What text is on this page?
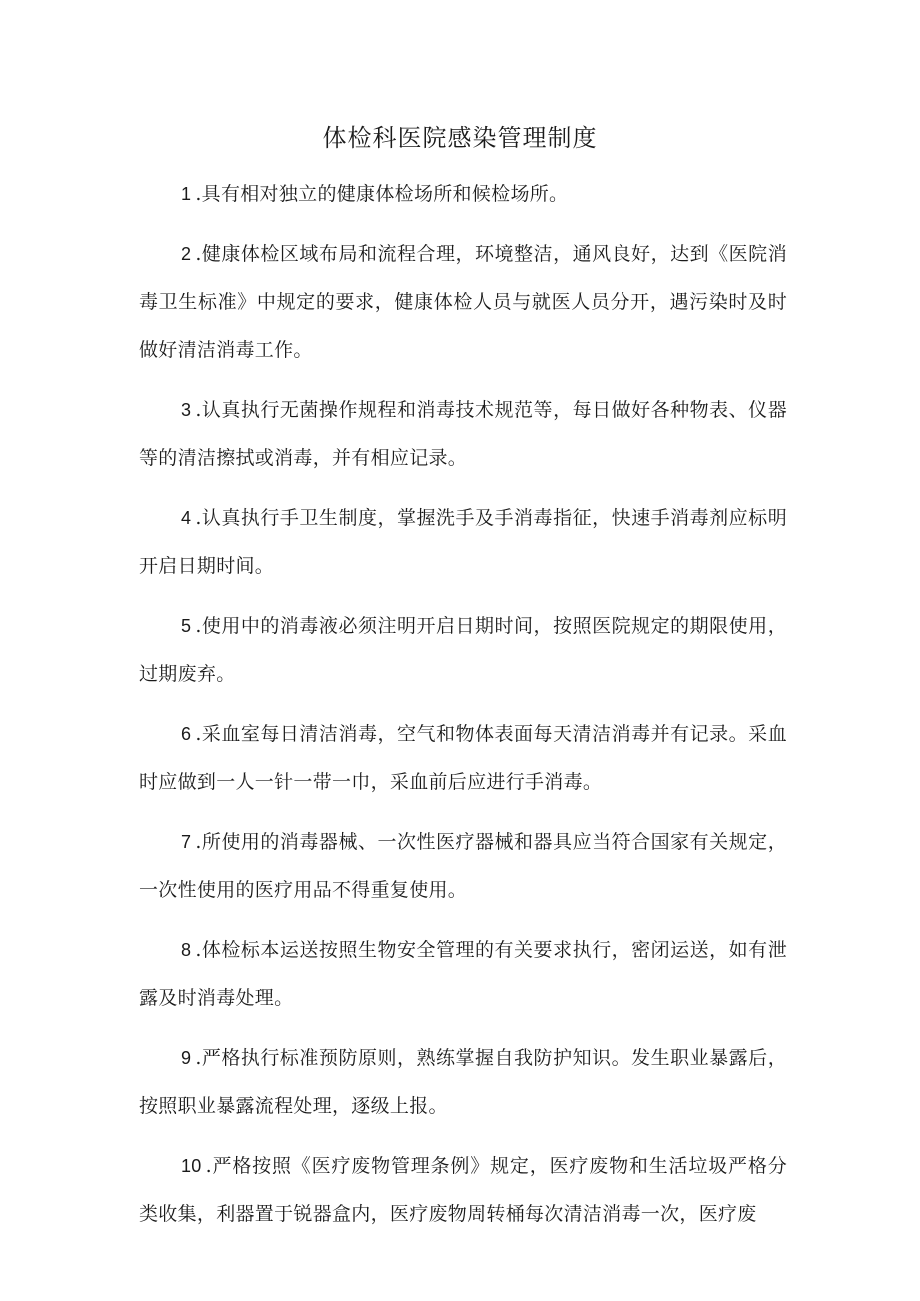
体检科医院感染管理制度

1 .具有相对独立的健康体检场所和候检场所。

2 .健康体检区域布局和流程合理，环境整洁，通风良好，达到《医院消毒卫生标准》中规定的要求，健康体检人员与就医人员分开，遇污染时及时做好清洁消毒工作。

3 .认真执行无菌操作规程和消毒技术规范等，每日做好各种物表、仪器等的清洁擦拭或消毒，并有相应记录。

4 .认真执行手卫生制度，掌握洗手及手消毒指征，快速手消毒剂应标明开启日期时间。

5 .使用中的消毒液必须注明开启日期时间，按照医院规定的期限使用，过期废弃。

6 .采血室每日清洁消毒，空气和物体表面每天清洁消毒并有记录。采血时应做到一人一针一带一巾，采血前后应进行手消毒。

7 .所使用的消毒器械、一次性医疗器械和器具应当符合国家有关规定，一次性使用的医疗用品不得重复使用。

8 .体检标本运送按照生物安全管理的有关要求执行，密闭运送，如有泄露及时消毒处理。

9 .严格执行标准预防原则，熟练掌握自我防护知识。发生职业暴露后，按照职业暴露流程处理，逐级上报。

10 .严格按照《医疗废物管理条例》规定，医疗废物和生活垃圾严格分类收集，利器置于锐器盒内，医疗废物周转桶每次清洁消毒一次，医疗废
